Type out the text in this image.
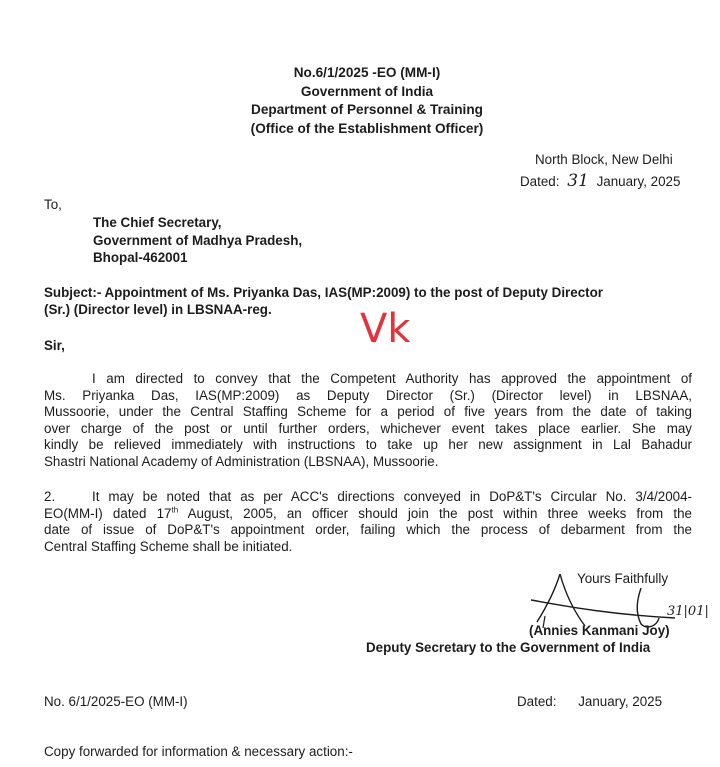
No.6/1/2025 -EO (MM-I)
Government of India
Department of Personnel & Training
(Office of the Establishment Officer)
North Block, New Delhi
Dated: 31 January, 2025
To,
The Chief Secretary,
Government of Madhya Pradesh,
Bhopal-462001
Subject:- Appointment of Ms. Priyanka Das, IAS(MP:2009) to the post of Deputy Director
(Sr.) (Director level) in LBSNAA-reg.	Vk
Sir,
I am directed to convey that the Competent Authority has approved the appointment of
Ms. Priyanka Das, IAS(MP:2009) as Deputy Director (Sr.) (Director level) in LBSNAA,
Mussoorie, under the Central Staffing Scheme for a period of five years from the date of taking
over charge of the post or until further orders, whichever event takes place earlier. She may
kindly be relieved immediately with instructions to take up her new assignment in Lal Bahadur
Shastri National Academy of Administration (LBSNAA), Mussoorie.
2.	It may be noted that as per ACC's directions conveyed in DoP&T's Circular No. 3/4/2004-
EO(MM-I) dated 17th August, 2005, an officer should join the post within three weeks from the
date of issue of DoP&T's appointment order, failing which the process of debarment from the
Central Staffing Scheme shall be initiated.
Yours Faithfully
31|01|
(Annies Kanmani Joy)
Deputy Secretary to the Government of India
No. 6/1/2025-EO (MM-I)	Dated: January, 2025
Copy forwarded for information & necessary action:-
